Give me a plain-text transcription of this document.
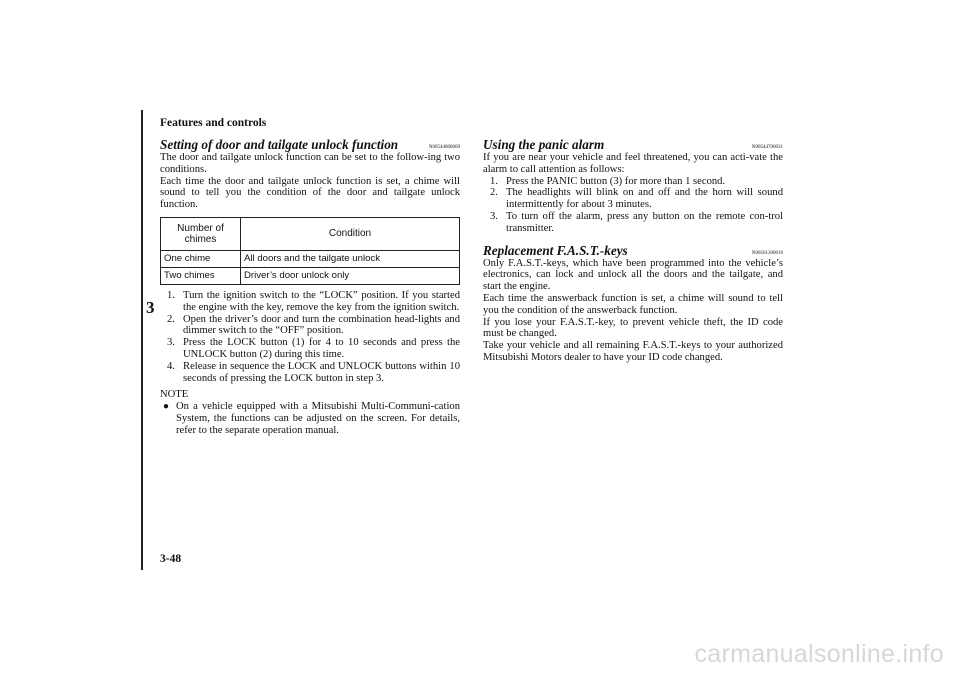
Features and controls
3
Setting of door and tailgate unlock function	N00544600069

The door and tailgate unlock function can be set to the follow-ing two conditions.

Each time the door and tailgate unlock function is set, a chime will sound to tell you the condition of the door and tailgate unlock function.

Number of chimes	Condition
One chime	All doors and the tailgate unlock
Two chimes	Driver’s door unlock only
1. Turn the ignition switch to the “LOCK” position. If you started the engine with the key, remove the key from the ignition switch.
2. Open the driver’s door and turn the combination head-lights and dimmer switch to the “OFF” position.
3. Press the LOCK button (1) for 4 to 10 seconds and press the UNLOCK button (2) during this time.
4. Release in sequence the LOCK and UNLOCK buttons within 10 seconds of pressing the LOCK button in step 3.
NOTE
● On a vehicle equipped with a Mitsubishi Multi-Communi-cation System, the functions can be adjusted on the screen. For details, refer to the separate operation manual.
Using the panic alarm	N00544700031

If you are near your vehicle and feel threatened, you can acti-vate the alarm to call attention as follows:

1. Press the PANIC button (3) for more than 1 second.
2. The headlights will blink on and off and the horn will sound intermittently for about 3 minutes.
3. To turn off the alarm, press any button on the remote con-trol transmitter.
Replacement F.A.S.T.-keys	N00561300016

Only F.A.S.T.-keys, which have been programmed into the vehicle’s electronics, can lock and unlock all the doors and the tailgate, and start the engine.

Each time the answerback function is set, a chime will sound to tell you the condition of the answerback function.

If you lose your F.A.S.T.-key, to prevent vehicle theft, the ID code must be changed.

Take your vehicle and all remaining F.A.S.T.-keys to your authorized Mitsubishi Motors dealer to have your ID code changed.

3-48
carmanualsonline.info
